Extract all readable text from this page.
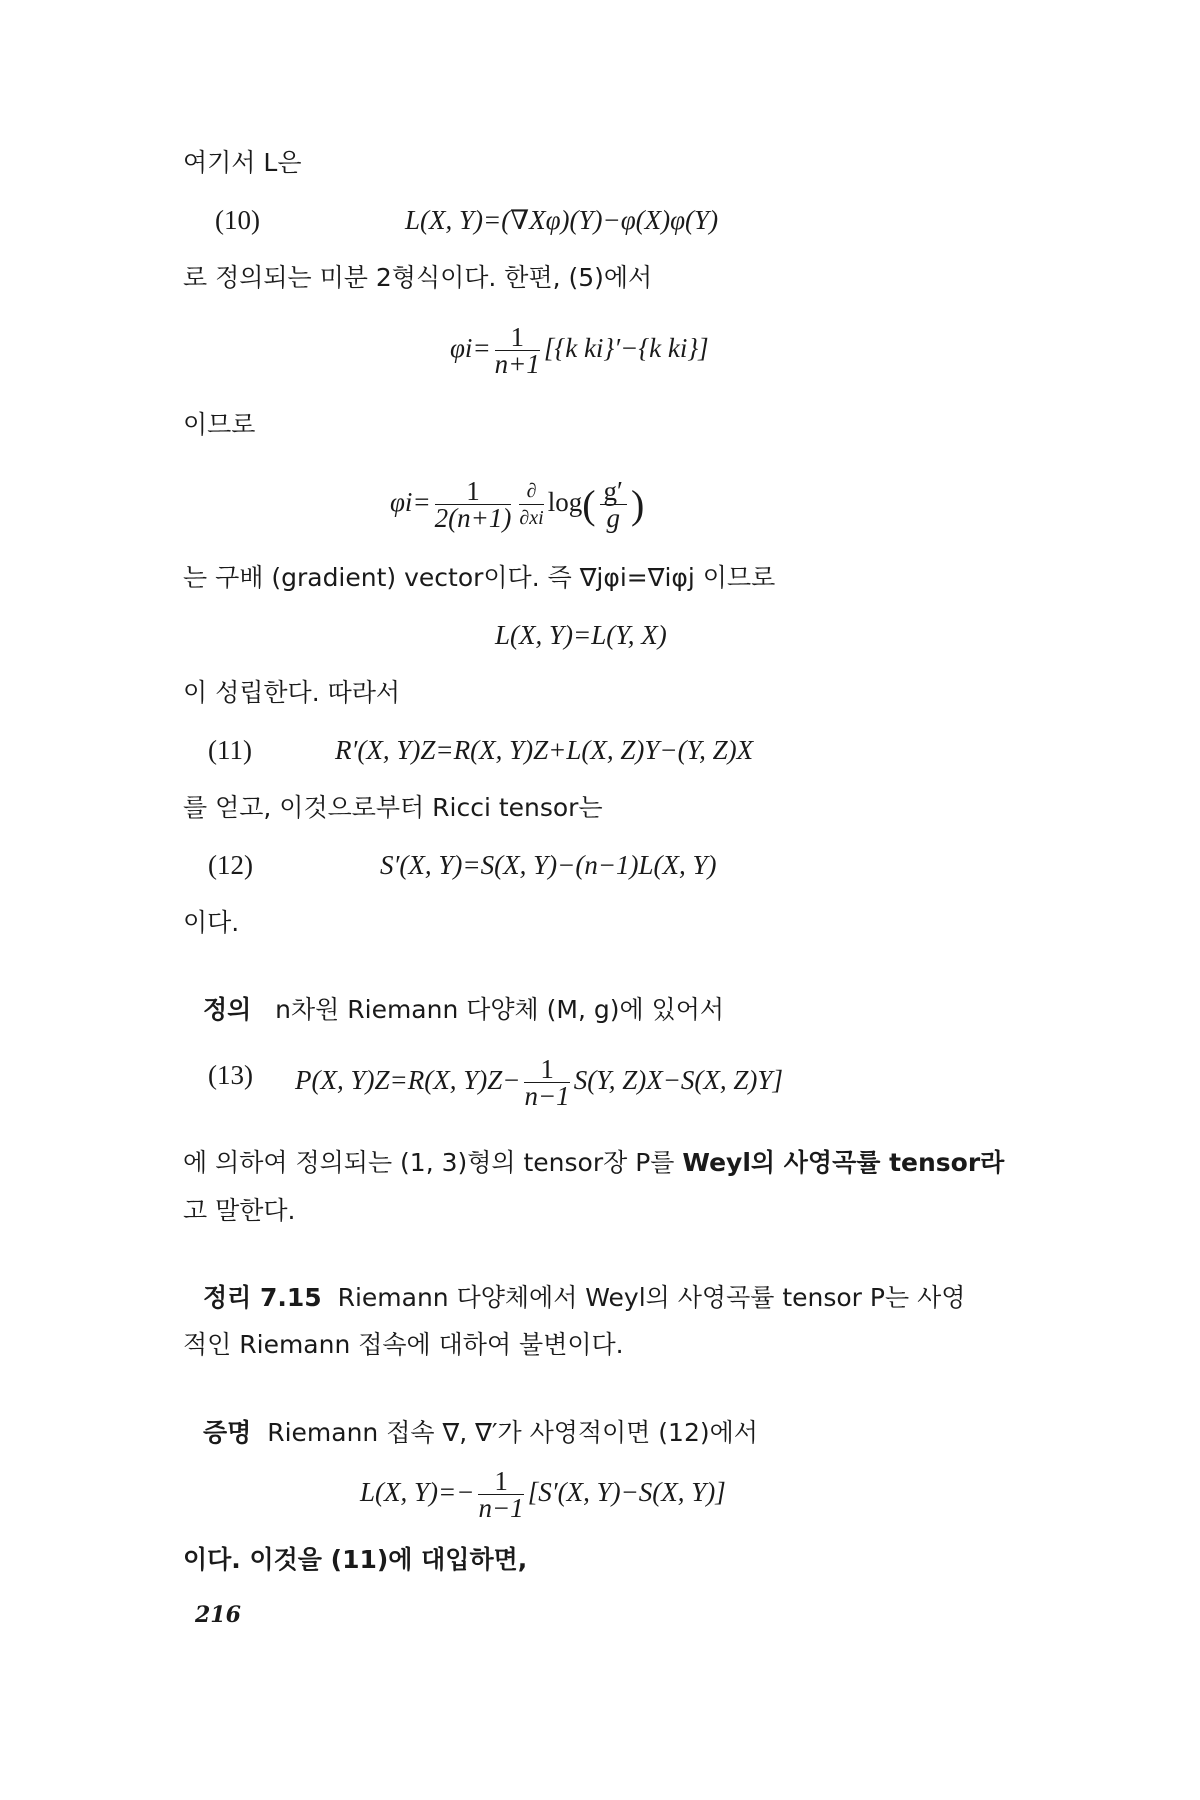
여기서 L은
(10)	L(X, Y)=(∇Xφ)(Y)−φ(X)φ(Y)
로 정의되는 미분 2형식이다. 한편, (5)에서
$\varphi i= \frac{1}{n+1} [\{k$ ki}′−{k ki}]
이므로
$\varphi i= \frac{1}{2(n+1)} \frac{\partial}{\partial xi} \log( \frac{g'}{g}$ )
는 구배 (gradient) vector이다. 즉 ∇jφi=∇iφj 이므로
L(X, Y)=L(Y, X)
이 성립한다. 따라서
(11)	R′(X, Y)Z=R(X, Y)Z+L(X, Z)Y−(Y, Z)X
를 얻고, 이것으로부터 Ricci tensor는
(12)	S′(X, Y)=S(X, Y)−(n−1)L(X, Y)
이다.
정의 n차원 Riemann 다양체 (M, g)에 있어서
(13) P(X, Y)Z=R(X, $Y)Z- \frac{1}{n-1} S(Y$, Z)X−S(X, Z)Y]
에 의하여 정의되는 (1, 3)형의 tensor장 P를 Weyl의 사영곡률 tensor라
고 말한다.
정리 7.15 Riemann 다양체에서 Weyl의 사영곡률 tensor P는 사영
적인 Riemann 접속에 대하여 불변이다.
증명 Riemann 접속 ∇, ∇′가 사영적이면 (12)에서
L(X, $Y)=- \frac{1}{n-1} [S'(X$, Y)−S(X, Y)]
이다. 이것을 (11)에 대입하면,
216
